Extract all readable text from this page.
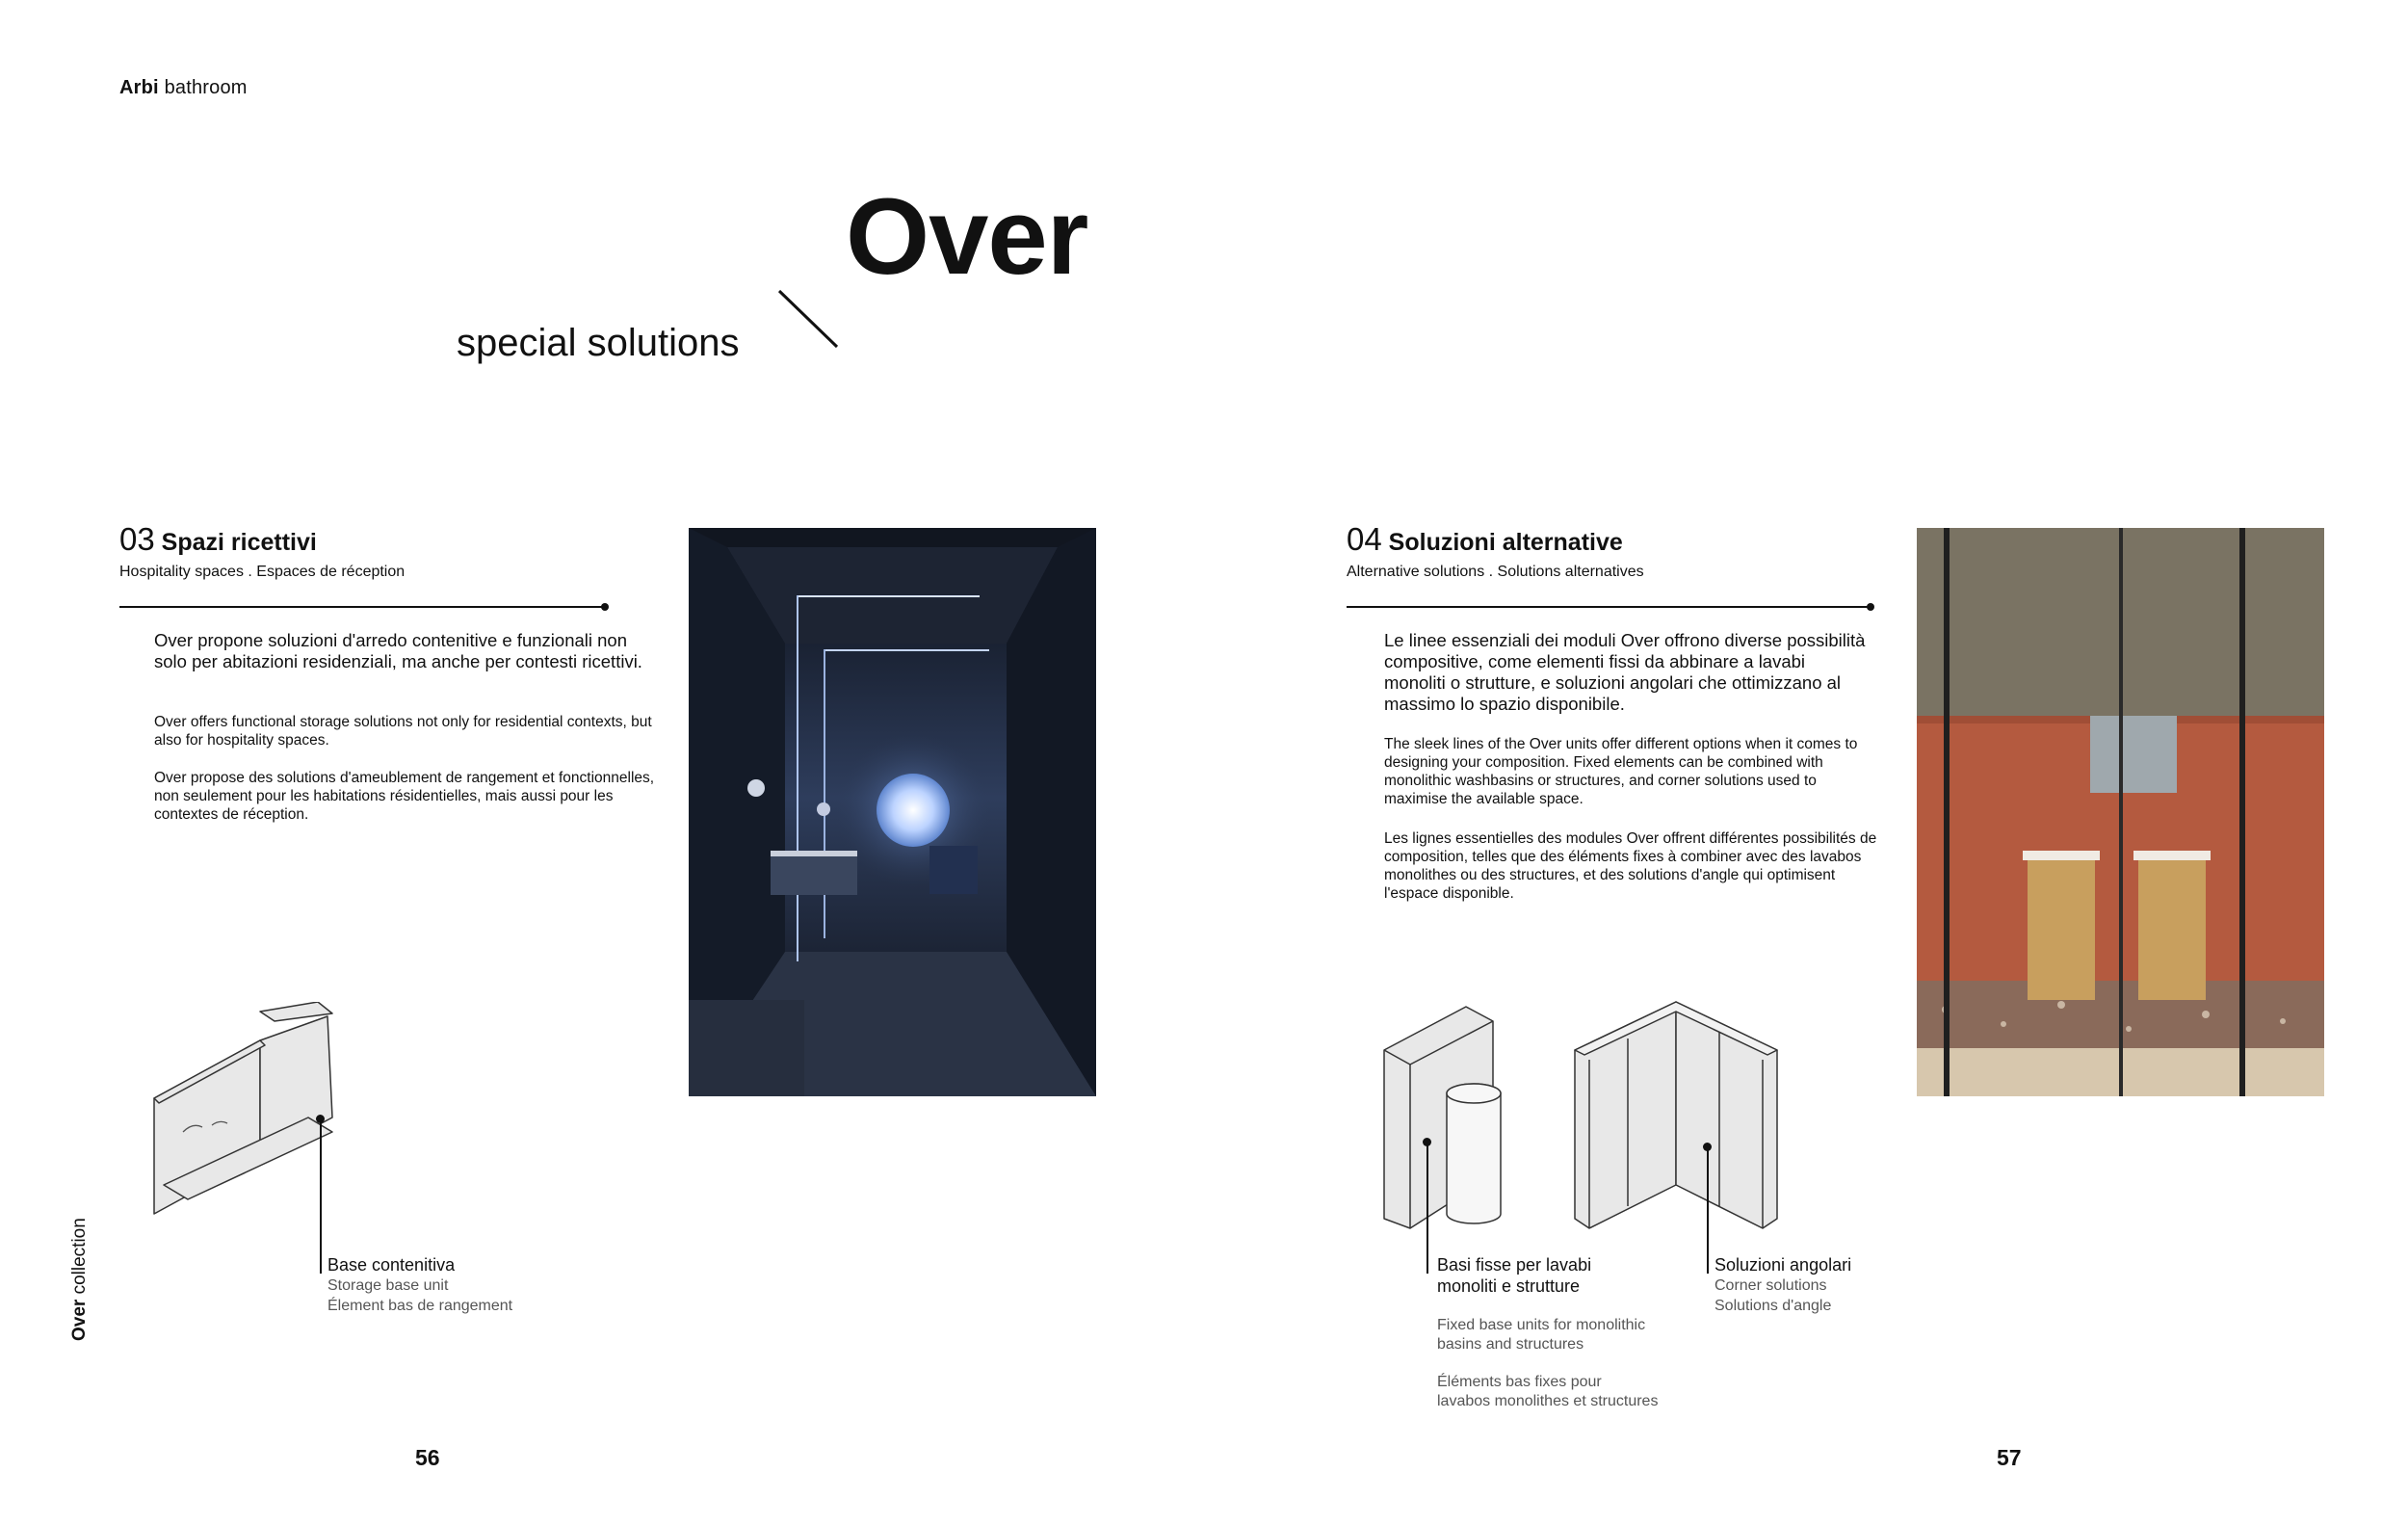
Arbi bathroom
Over
special solutions
03 Spazi ricettivi
Hospitality spaces . Espaces de réception

Over propone soluzioni d'arredo contenitive e funzionali non solo per abitazioni residenziali, ma anche per contesti ricettivi.

Over offers functional storage solutions not only for residential contexts, but also for hospitality spaces.

Over propose des solutions d'ameublement de rangement et fonctionnelles, non seulement pour les habitations résidentielles, mais aussi pour les contextes de réception.

Base contenitiva
Storage base unit
Élement bas de rangement
04 Soluzioni alternative
Alternative solutions . Solutions alternatives

Le linee essenziali dei moduli Over offrono diverse possibilità compositive, come elementi fissi da abbinare a lavabi monoliti o strutture, e soluzioni angolari che ottimizzano al massimo lo spazio disponibile.

The sleek lines of the Over units offer different options when it comes to designing your composition. Fixed elements can be combined with monolithic washbasins or structures, and corner solutions used to maximise the available space.

Les lignes essentielles des modules Over offrent différentes possibilités de composition, telles que des éléments fixes à combiner avec des lavabos monolithes ou des structures, et des solutions d'angle qui optimisent l'espace disponible.

Basi fisse per lavabi monoliti e strutture
Fixed base units for monolithic basins and structures
Éléments bas fixes pour lavabos monolithes et structures
Soluzioni angolari
Corner solutions
Solutions d'angle
Over collection
56	57
